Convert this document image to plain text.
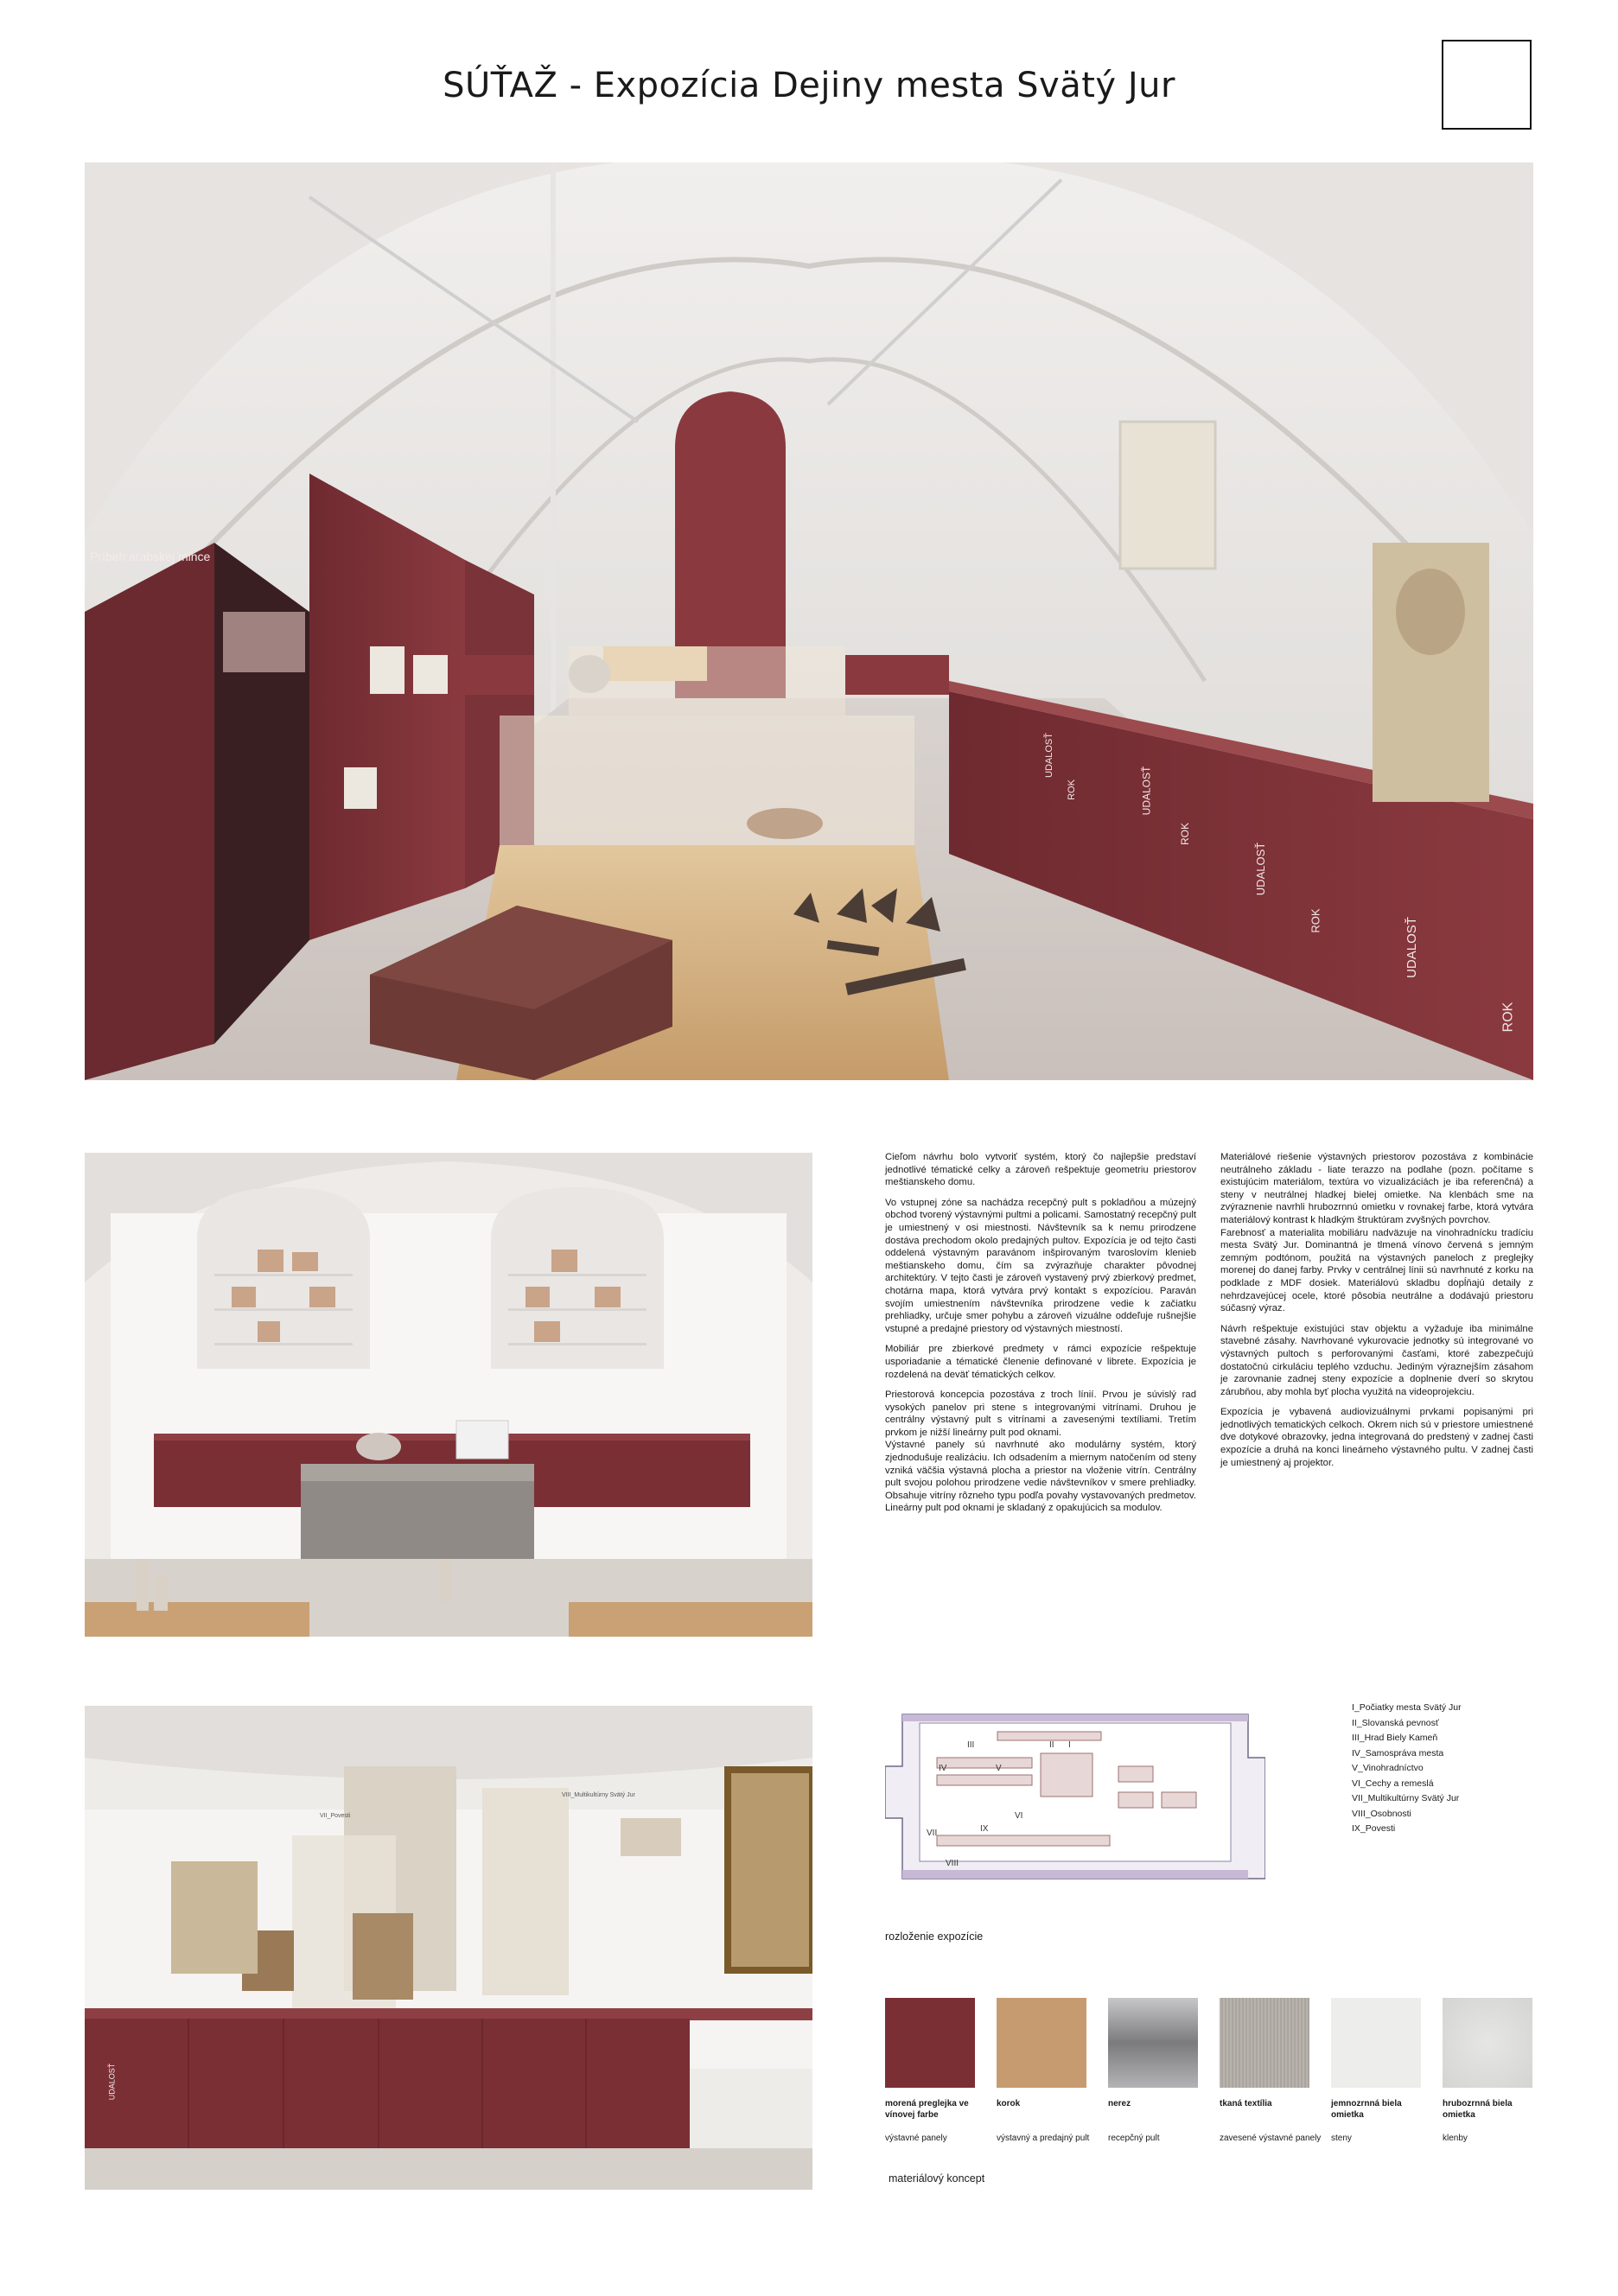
SÚŤAŽ - Expozícia Dejiny mesta Svätý Jur
Príbeh arabskej mince
UDALOSŤ
ROK	UDALOSŤ
ROK
UDALOSŤ
ROK	UDALOSŤ
ROK

Cieľom návrhu bolo vytvoriť systém, ktorý čo najlepšie predstaví jednotlivé tématické celky a zároveň rešpektuje geometriu priestorov meštianskeho domu.

Vo vstupnej zóne sa nachádza recepčný pult s pokladňou a múzejný obchod tvorený výstavnými pultmi a policami. Samostatný recepčný pult je umiestnený v osi miestnosti. Návštevník sa k nemu prirodzene dostáva prechodom okolo predajných pultov. Expozícia je od tejto časti oddelená výstavným paravánom inšpirovaným tvaroslovím klenieb meštianskeho domu, čím sa zvýrazňuje charakter pôvodnej architektúry. V tejto časti je zároveň vystavený prvý zbierkový predmet, chotárna mapa, ktorá vytvára prvý kontakt s expozíciou. Paraván svojím umiestnením návštevníka prirodzene vedie k začiatku prehliadky, určuje smer pohybu a zároveň vizuálne oddeľuje rušnejšie vstupné a predajné priestory od výstavných miestností.

Mobiliár pre zbierkové predmety v rámci expozície rešpektuje usporiadanie a tématické členenie definované v librete. Expozícia je rozdelená na deväť tématických celkov.

Priestorová koncepcia pozostáva z troch línií. Prvou je súvislý rad vysokých panelov pri stene s integrovanými vitrínami. Druhou je centrálny výstavný pult s vitrínami a zavesenými textíliami. Tretím prvkom je nižší lineárny pult pod oknami.
Výstavné panely sú navrhnuté ako modulárny systém, ktorý zjednodušuje realizáciu. Ich odsadením a miernym natočením od steny vzniká väčšia výstavná plocha a priestor na vloženie vitrín. Centrálny pult svojou polohou prirodzene vedie návštevníkov v smere prehliadky. Obsahuje vitríny rôzneho typu podľa povahy vystavovaných predmetov. Lineárny pult pod oknami je skladaný z opakujúcich sa modulov.

Materiálové riešenie výstavných priestorov pozostáva z kombinácie neutrálneho základu - liate terazzo na podlahe (pozn. počítame s existujúcim materiálom, textúra vo vizualizáciách je iba referenčná) a steny v neutrálnej hladkej bielej omietke. Na klenbách sme na zvýraznenie navrhli hrubozrnnú omietku v rovnakej farbe, ktorá vytvára materiálový kontrast k hladkým štruktúram zvyšných povrchov.
Farebnosť a materialita mobiliáru nadväzuje na vinohradnícku tradíciu mesta Svätý Jur. Dominantná je tlmená vínovo červená s jemným zemným podtónom, použitá na výstavných paneloch z preglejky morenej do danej farby. Prvky v centrálnej línii sú navrhnuté z korku na podklade z MDF dosiek. Materiálovú skladbu dopĺňajú detaily z nehrdzavejúcej ocele, ktoré pôsobia neutrálne a dodávajú priestoru súčasný výraz.

Návrh rešpektuje existujúci stav objektu a vyžaduje iba minimálne stavebné zásahy. Navrhované vykurovacie jednotky sú integrované vo výstavných pultoch s perforovanými časťami, ktoré zabezpečujú dostatočnú cirkuláciu teplého vzduchu. Jediným výraznejším zásahom je zarovnanie zadnej steny expozície a doplnenie dverí so skrytou zárubňou, aby mohla byť plocha využitá na videoprojekciu.

Expozícia je vybavená audiovizuálnymi prvkami popisanými pri jednotlivých tematických celkoch. Okrem nich sú v priestore umiestnené dve dotykové obrazovky, jedna integrovaná do predstený v zadnej časti expozície a druhá na konci lineárneho výstavného pultu. V zadnej časti je umiestnený aj projektor.

VII_Povesti
VIII_Multikultúrny Svätý Jur
UDALOSŤ
I
II
III
IV	V
VI
VII
VIII
IX
I_Počiatky mesta Svätý Jur
II_Slovanská pevnosť
III_Hrad Biely Kameň
IV_Samospráva mesta
V_Vinohradníctvo
VI_Cechy a remeslá
VII_Multikultúrny Svätý Jur
VIII_Osobnosti
IX_Povesti
rozloženie expozície
morená preglejka ve vínovej farbe
výstavné panely
korok
výstavný a predajný pult
nerez
recepčný pult
tkaná textília
zavesené výstavné panely
jemnozrnná biela omietka
steny
hrubozrnná biela omietka
klenby
materiálový koncept
